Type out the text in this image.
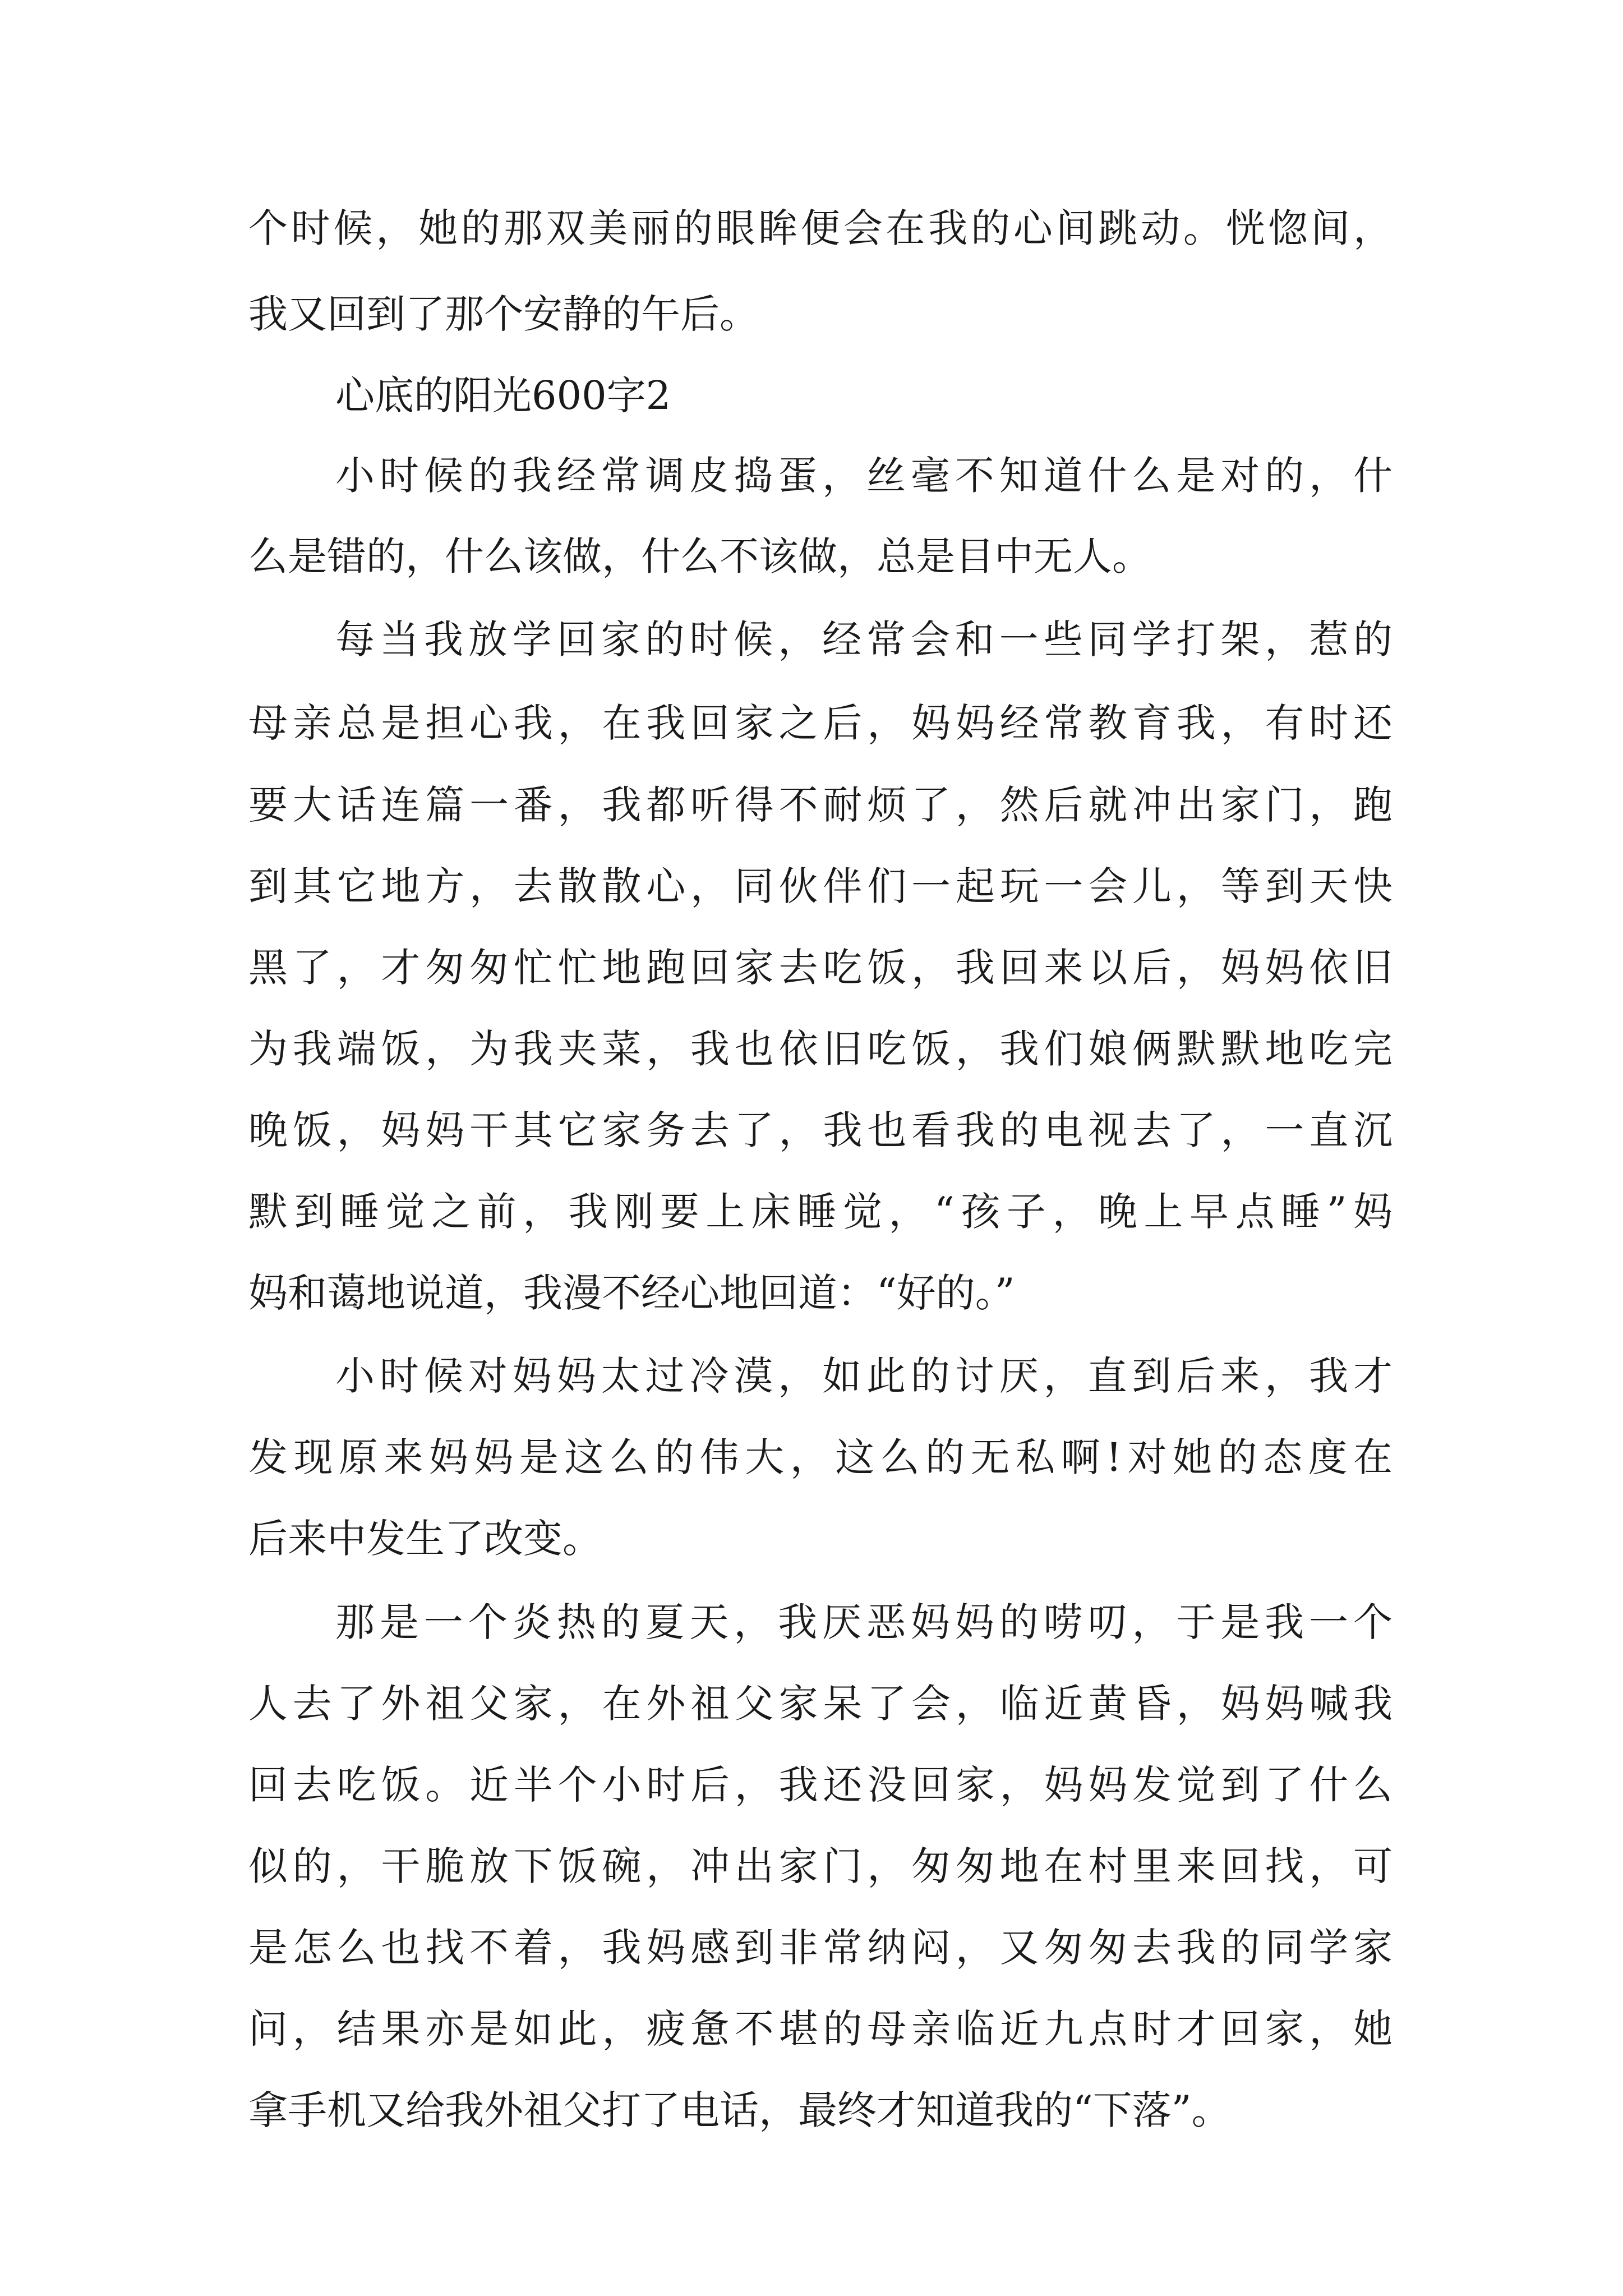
个时候，她的那双美丽的眼眸便会在我的心间跳动。恍惚间，
我又回到了那个安静的午后。
心底的阳光600字2
小时候的我经常调皮捣蛋，丝毫不知道什么是对的，什
么是错的，什么该做，什么不该做，总是目中无人。
每当我放学回家的时候，经常会和一些同学打架，惹的
母亲总是担心我，在我回家之后，妈妈经常教育我，有时还
要大话连篇一番，我都听得不耐烦了，然后就冲出家门，跑
到其它地方，去散散心，同伙伴们一起玩一会儿，等到天快
黑了，才匆匆忙忙地跑回家去吃饭，我回来以后，妈妈依旧
为我端饭，为我夹菜，我也依旧吃饭，我们娘俩默默地吃完
晚饭，妈妈干其它家务去了，我也看我的电视去了，一直沉
默到睡觉之前，我刚要上床睡觉，“孩子，晚上早点睡”妈
妈和蔼地说道，我漫不经心地回道：“好的。”
小时候对妈妈太过冷漠，如此的讨厌，直到后来，我才
发现原来妈妈是这么的伟大，这么的无私啊!对她的态度在
后来中发生了改变。
那是一个炎热的夏天，我厌恶妈妈的唠叨，于是我一个
人去了外祖父家，在外祖父家呆了会，临近黄昏，妈妈喊我
回去吃饭。近半个小时后，我还没回家，妈妈发觉到了什么
似的，干脆放下饭碗，冲出家门，匆匆地在村里来回找，可
是怎么也找不着，我妈感到非常纳闷，又匆匆去我的同学家
问，结果亦是如此，疲惫不堪的母亲临近九点时才回家，她
拿手机又给我外祖父打了电话，最终才知道我的“下落”。
